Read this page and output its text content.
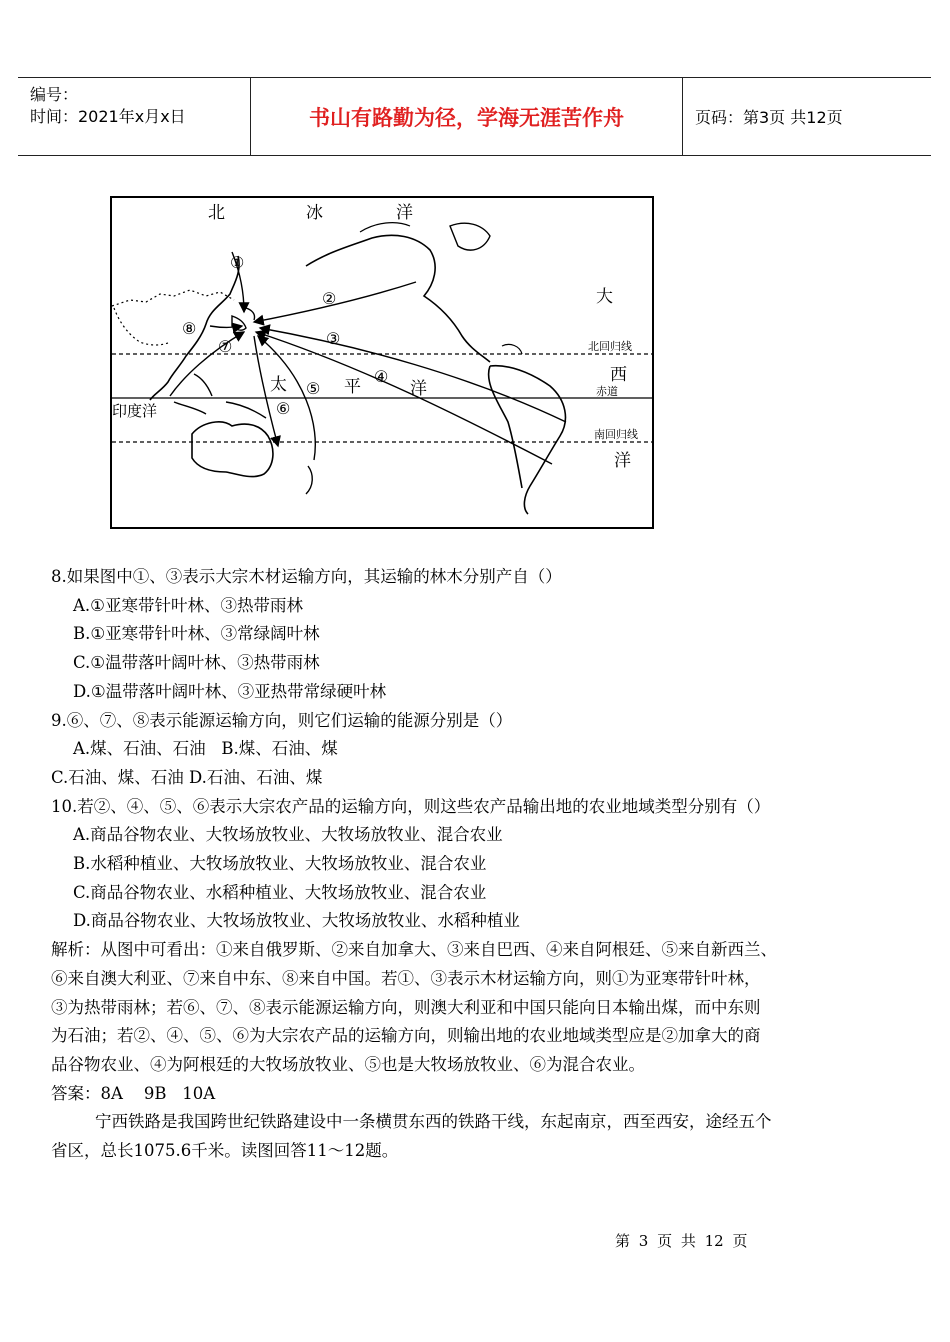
编号：
时间：2021年x月x日	书山有路勤为径，学海无涯苦作舟	页码：第3页 共12页
北	冰	洋
大
西
洋
太	平	洋
印度洋
北回归线
赤道
南回归线
①
②
③
④
⑤
⑥
⑦
⑧
8.如果图中①、③表示大宗木材运输方向，其运输的林木分别产自（）
A.①亚寒带针叶林、③热带雨林
B.①亚寒带针叶林、③常绿阔叶林
C.①温带落叶阔叶林、③热带雨林
D.①温带落叶阔叶林、③亚热带常绿硬叶林
9.⑥、⑦、⑧表示能源运输方向，则它们运输的能源分别是（）
A.煤、石油、石油   B.煤、石油、煤
C.石油、煤、石油 D.石油、石油、煤
10.若②、④、⑤、⑥表示大宗农产品的运输方向，则这些农产品输出地的农业地域类型分别有（）
A.商品谷物农业、大牧场放牧业、大牧场放牧业、混合农业
B.水稻种植业、大牧场放牧业、大牧场放牧业、混合农业
C.商品谷物农业、水稻种植业、大牧场放牧业、混合农业
D.商品谷物农业、大牧场放牧业、大牧场放牧业、水稻种植业
解析：从图中可看出：①来自俄罗斯、②来自加拿大、③来自巴西、④来自阿根廷、⑤来自新西兰、
⑥来自澳大利亚、⑦来自中东、⑧来自中国。若①、③表示木材运输方向，则①为亚寒带针叶林，
③为热带雨林；若⑥、⑦、⑧表示能源运输方向，则澳大利亚和中国只能向日本输出煤，而中东则
为石油；若②、④、⑤、⑥为大宗农产品的运输方向，则输出地的农业地域类型应是②加拿大的商
品谷物农业、④为阿根廷的大牧场放牧业、⑤也是大牧场放牧业、⑥为混合农业。
答案：8A    9B   10A
宁西铁路是我国跨世纪铁路建设中一条横贯东西的铁路干线，东起南京，西至西安，途经五个
省区，总长1075.6千米。读图回答11～12题。
第 3 页 共 12 页
